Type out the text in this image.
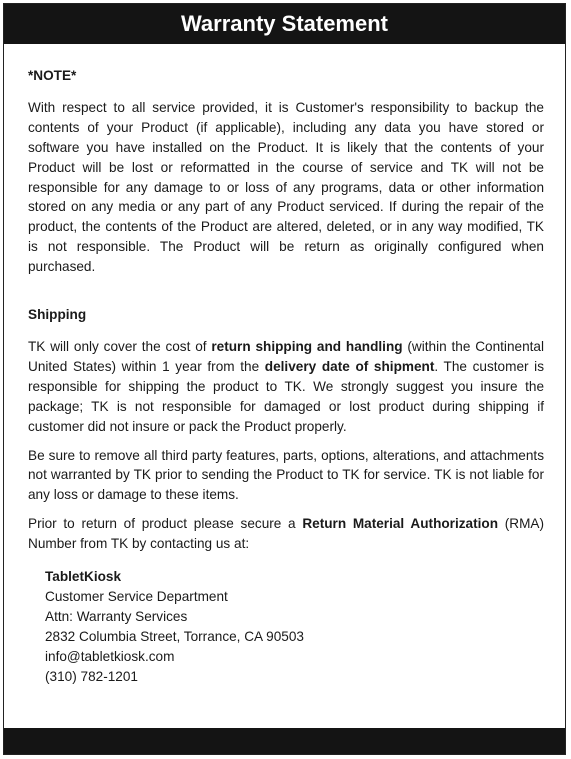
Warranty Statement
*NOTE*

With respect to all service provided, it is Customer's responsibility to backup the contents of your Product (if applicable), including any data you have stored or software you have installed on the Product. It is likely that the contents of your Product will be lost or reformatted in the course of service and TK will not be responsible for any damage to or loss of any programs, data or other information stored on any media or any part of any Product serviced. If during the repair of the product, the contents of the Product are altered, deleted, or in any way modified, TK is not responsible. The Product will be return as originally configured when purchased.

Shipping

TK will only cover the cost of return shipping and handling (within the Continental United States) within 1 year from the delivery date of shipment. The customer is responsible for shipping the product to TK. We strongly suggest you insure the package; TK is not responsible for damaged or lost product during shipping if customer did not insure or pack the Product properly.

Be sure to remove all third party features, parts, options, alterations, and attachments not warranted by TK prior to sending the Product to TK for service. TK is not liable for any loss or damage to these items.

Prior to return of product please secure a Return Material Authorization (RMA) Number from TK by contacting us at:

TabletKiosk
Customer Service Department
Attn: Warranty Services
2832 Columbia Street, Torrance, CA 90503
info@tabletkiosk.com
(310) 782-1201
